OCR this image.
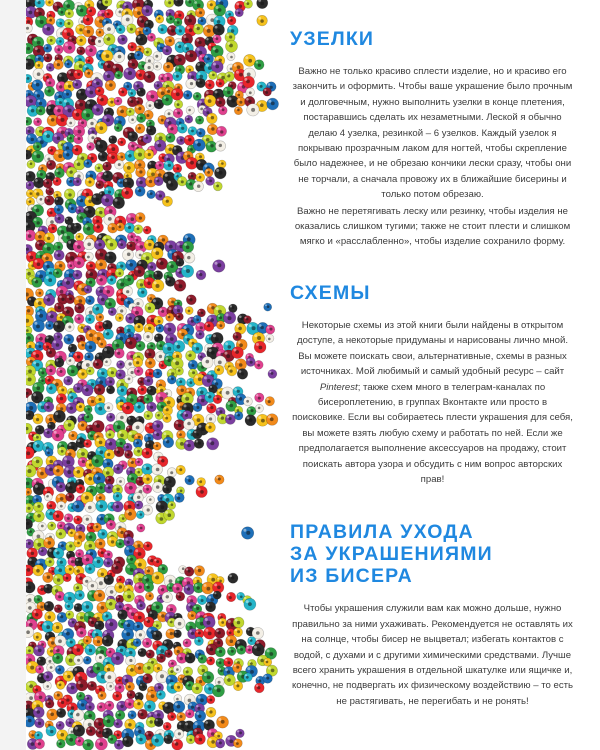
УЗЕЛКИ

Важно не только красиво сплести изделие, но и красиво его закончить и оформить. Чтобы ваше украшение было прочным и долговечным, нужно выполнить узелки в конце плетения, постаравшись сделать их незаметными. Леской я обычно делаю 4 узелка, резинкой – 6 узелков. Каждый узелок я покрываю прозрачным лаком для ногтей, чтобы скрепление было надежнее, и не обрезаю кончики лески сразу, чтобы они не торчали, а сначала провожу их в ближайшие бисерины и только потом обрезаю.

Важно не перетягивать леску или резинку, чтобы изделия не оказались слишком тугими; также не стоит плести и слишком мягко и «расслабленно», чтобы изделие сохранило форму.

СХЕМЫ

Некоторые схемы из этой книги были найдены в открытом доступе, а некоторые придуманы и нарисованы лично мной. Вы можете поискать свои, альтернативные, схемы в разных источниках. Мой любимый и самый удобный ресурс – сайт Pinterest; также схем много в телеграм-каналах по бисероплетению, в группах Вконтакте или просто в поисковике. Если вы собираетесь плести украшения для себя, вы можете взять любую схему и работать по ней. Если же предполагается выполнение аксессуаров на продажу, стоит поискать автора узора и обсудить с ним вопрос авторских прав!

ПРАВИЛА УХОДА
ЗА УКРАШЕНИЯМИ
ИЗ БИСЕРА

Чтобы украшения служили вам как можно дольше, нужно правильно за ними ухаживать. Рекомендуется не оставлять их на солнце, чтобы бисер не выцветал; избегать контактов с водой, с духами и с другими химическими средствами. Лучше всего хранить украшения в отдельной шкатулке или ящичке и, конечно, не подвергать их физическому воздействию – то есть не растягивать, не перегибать и не ронять!
